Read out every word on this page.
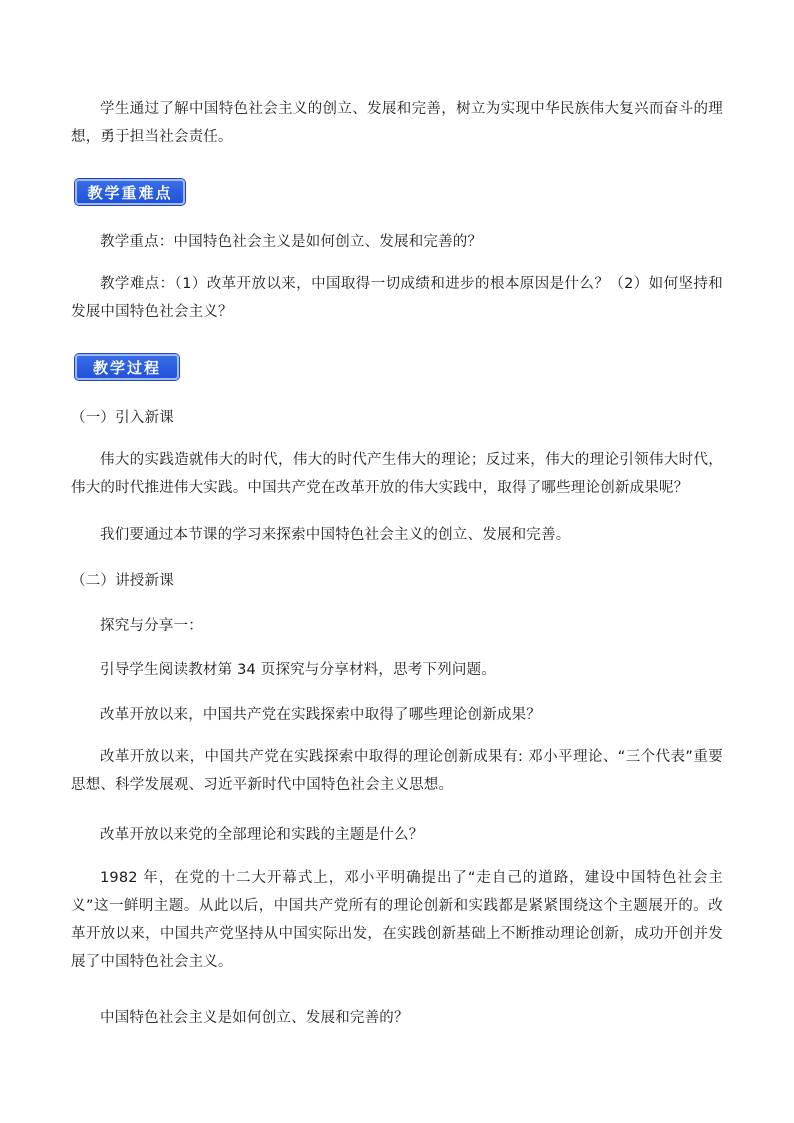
学生通过了解中国特色社会主义的创立、发展和完善，树立为实现中华民族伟大复兴而奋斗的理想，勇于担当社会责任。

教学重难点

教学重点：中国特色社会主义是如何创立、发展和完善的？

教学难点：（1）改革开放以来，中国取得一切成绩和进步的根本原因是什么？（2）如何坚持和发展中国特色社会主义？

教学过程

（一）引入新课

伟大的实践造就伟大的时代，伟大的时代产生伟大的理论；反过来，伟大的理论引领伟大时代，伟大的时代推进伟大实践。中国共产党在改革开放的伟大实践中，取得了哪些理论创新成果呢？

我们要通过本节课的学习来探索中国特色社会主义的创立、发展和完善。

（二）讲授新课

探究与分享一：

引导学生阅读教材第 34 页探究与分享材料，思考下列问题。

改革开放以来，中国共产党在实践探索中取得了哪些理论创新成果？

改革开放以来，中国共产党在实践探索中取得的理论创新成果有: 邓小平理论、“三个代表”重要思想、科学发展观、习近平新时代中国特色社会主义思想。

改革开放以来党的全部理论和实践的主题是什么？

1982 年，在党的十二大开幕式上，邓小平明确提出了“走自己的道路，建设中国特色社会主义”这一鲜明主题。从此以后，中国共产党所有的理论创新和实践都是紧紧围绕这个主题展开的。改革开放以来，中国共产党坚持从中国实际出发，在实践创新基础上不断推动理论创新，成功开创并发展了中国特色社会主义。

中国特色社会主义是如何创立、发展和完善的？
